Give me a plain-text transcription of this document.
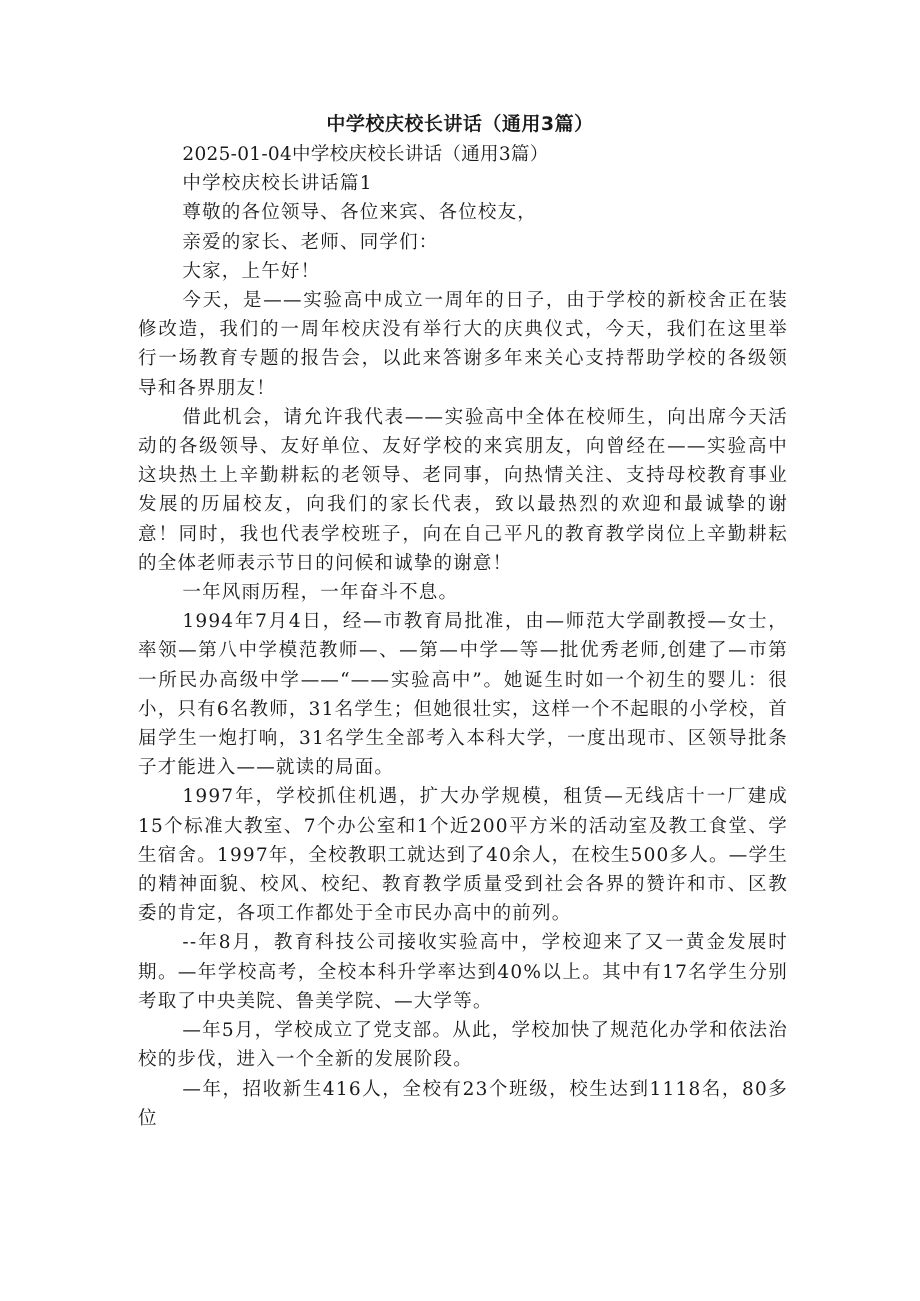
中学校庆校长讲话（通用3篇）

2025-01-04中学校庆校长讲话（通用3篇）

中学校庆校长讲话篇1

尊敬的各位领导、各位来宾、各位校友，

亲爱的家长、老师、同学们：

大家，上午好！

今天，是——实验高中成立一周年的日子，由于学校的新校舍正在装修改造，我们的一周年校庆没有举行大的庆典仪式，今天，我们在这里举行一场教育专题的报告会，以此来答谢多年来关心支持帮助学校的各级领导和各界朋友！

借此机会，请允许我代表——实验高中全体在校师生，向出席今天活动的各级领导、友好单位、友好学校的来宾朋友，向曾经在——实验高中这块热土上辛勤耕耘的老领导、老同事，向热情关注、支持母校教育事业发展的历届校友，向我们的家长代表，致以最热烈的欢迎和最诚挚的谢意！同时，我也代表学校班子，向在自己平凡的教育教学岗位上辛勤耕耘的全体老师表示节日的问候和诚挚的谢意！

一年风雨历程，一年奋斗不息。

1994年7月4日，经—市教育局批准，由—师范大学副教授—女士，率领—第八中学模范教师—、—第—中学—等—批优秀老师,创建了—市第一所民办高级中学——“——实验高中”。她诞生时如一个初生的婴儿：很小，只有6名教师，31名学生；但她很壮实，这样一个不起眼的小学校，首届学生一炮打响，31名学生全部考入本科大学，一度出现市、区领导批条子才能进入——就读的局面。

1997年，学校抓住机遇，扩大办学规模，租赁—无线店十一厂建成15个标准大教室、7个办公室和1个近200平方米的活动室及教工食堂、学生宿舍。1997年，全校教职工就达到了40余人，在校生500多人。—学生的精神面貌、校风、校纪、教育教学质量受到社会各界的赞许和市、区教委的肯定，各项工作都处于全市民办高中的前列。

--年8月，教育科技公司接收实验高中，学校迎来了又一黄金发展时期。—年学校高考，全校本科升学率达到40%以上。其中有17名学生分别考取了中央美院、鲁美学院、—大学等。

—年5月，学校成立了党支部。从此，学校加快了规范化办学和依法治校的步伐，进入一个全新的发展阶段。

—年，招收新生416人，全校有23个班级，校生达到1118名，80多位
